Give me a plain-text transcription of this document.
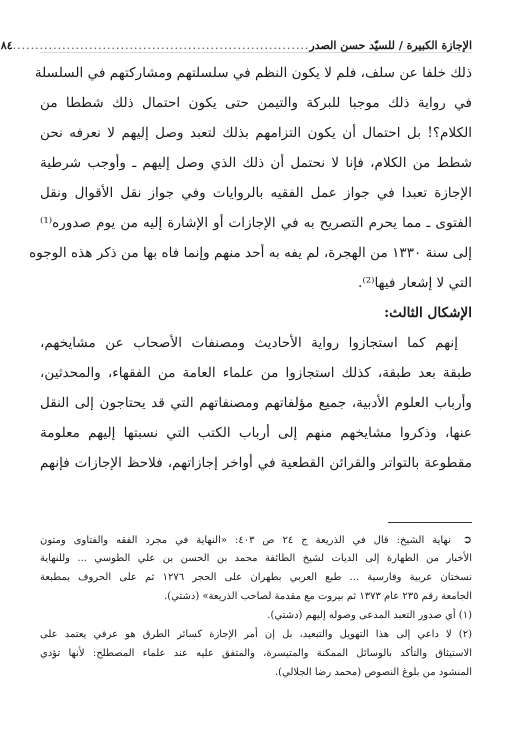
الإجازة الكبيرة / للسيّد حسن الصدر
..................................................................
٨٤
ذلك خلفا عن سلف، فلم لا يكون النظم في سلسلتهم ومشاركتهم في السلسلة
في رواية ذلك موجبا للبركة والتيمن حتى يكون احتمال ذلك شططا من
الكلام؟! بل احتمال أن يكون التزامهم بذلك لتعبد وصل إليهم لا نعرفه نحن
شطط من الكلام، فإنا لا نحتمل أن ذلك الذي وصل إليهم ـ وأوجب شرطية
الإجازة تعبدا في جواز عمل الفقيه بالروايات وفي جواز نقل الأقوال ونقل
الفتوى ـ مما يحرم التصريح به في الإجازات أو الإشارة إليه من يوم صدوره⁽¹⁾
إلى سنة ١٣٣٠ من الهجرة، لم يفه به أحد منهم وإنما فاه بها من ذكر هذه الوجوه
التي لا إشعار فيها⁽²⁾.
الإشكال الثالث:
إنهم كما استجازوا رواية الأحاديث ومصنفات الأصحاب عن مشايخهم،
طبقة بعد طبقة، كذلك استجازوا من علماء العامة من الفقهاء، والمحدثين،
وأرباب العلوم الأدبية، جميع مؤلفاتهم ومصنفاتهم التي قد يحتاجون إلى النقل
عنها، وذكروا مشايخهم منهم إلى أرباب الكتب التي نسبتها إليهم معلومة
مقطوعة بالتواتر والقرائن القطعية في أواخر إجازاتهم، فلاحظ الإجازات فإنهم
➲ نهاية الشيخ: قال في الذريعة ج ٢٤ ص ٤٠٣: «النهاية في مجرد الفقه والفتاوى ومتون
الأخبار من الطهارة إلى الديات لشيخ الطائفة محمد بن الحسن بن علي الطوسي ... وللنهاية
نسختان عربية وفارسية ... طبع العربي بطهران على الحجر ١٢٧٦ ثم على الحروف بمطبعة
الجامعة رقم ٢٣٥ عام ١٣٧٣ ثم بيروت مع مقدمة لصاحب الذريعة» (دشتي).
(١) أي صدور التعبد المدعى وصوله إليهم (دشتي).
(٢) لا داعي إلى هذا التهويل والتبعيد، بل إن أمر الإجازة كسائر الطرق هو عرفي يعتمد على
الاستيثاق والتأكد بالوسائل الممكنة والمتيسرة، والمتفق عليه عند علماء المصطلح: لأنها تؤدي
المنشود من بلوغ النصوص (محمد رضا الجلالي).
